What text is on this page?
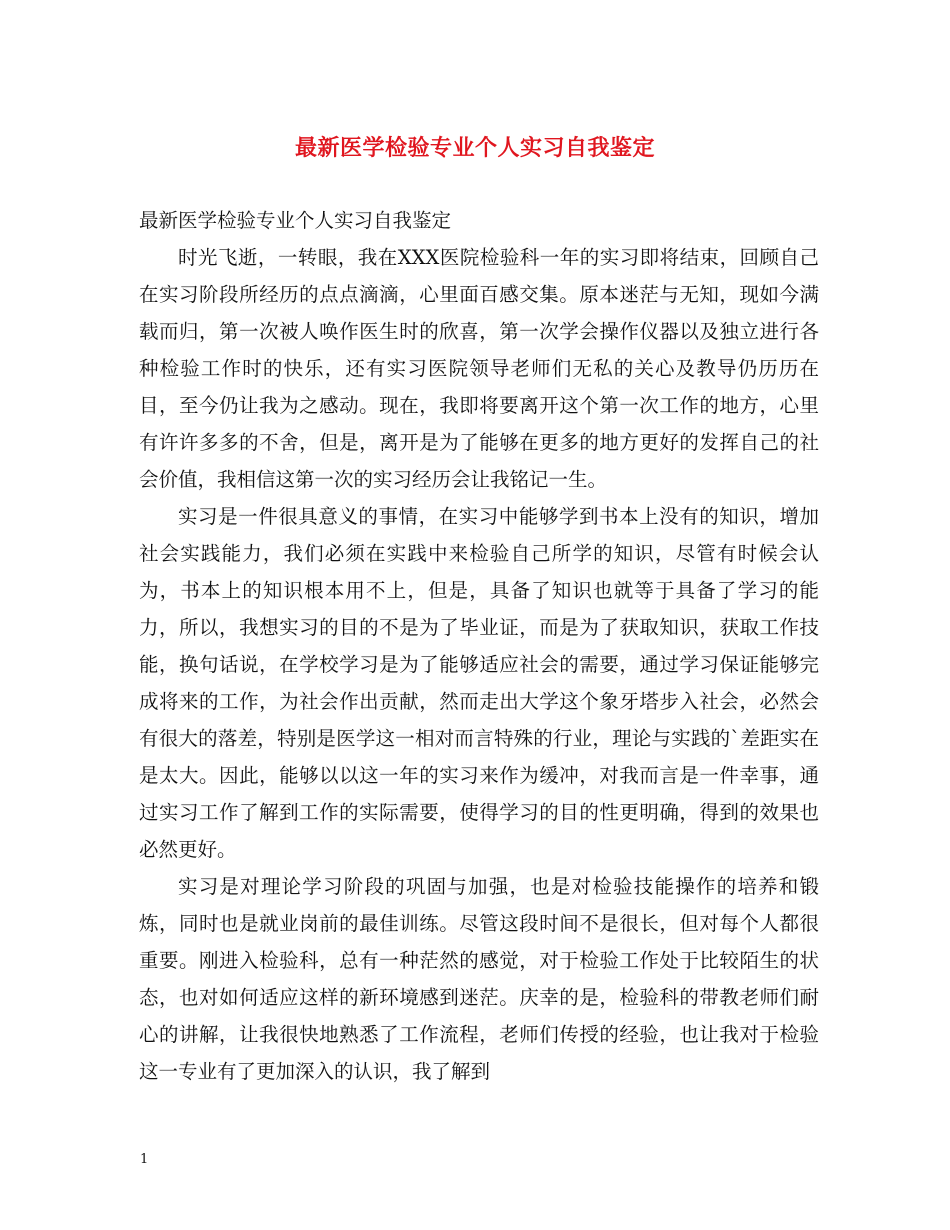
最新医学检验专业个人实习自我鉴定

最新医学检验专业个人实习自我鉴定

时光飞逝，一转眼，我在XXX医院检验科一年的实习即将结束，回顾自己在实习阶段所经历的点点滴滴，心里面百感交集。原本迷茫与无知，现如今满载而归，第一次被人唤作医生时的欣喜，第一次学会操作仪器以及独立进行各种检验工作时的快乐，还有实习医院领导老师们无私的关心及教导仍历历在目，至今仍让我为之感动。现在，我即将要离开这个第一次工作的地方，心里有许许多多的不舍，但是，离开是为了能够在更多的地方更好的发挥自己的社会价值，我相信这第一次的实习经历会让我铭记一生。

实习是一件很具意义的事情，在实习中能够学到书本上没有的知识，增加社会实践能力，我们必须在实践中来检验自己所学的知识，尽管有时候会认为，书本上的知识根本用不上，但是，具备了知识也就等于具备了学习的能力，所以，我想实习的目的不是为了毕业证，而是为了获取知识，获取工作技能，换句话说，在学校学习是为了能够适应社会的需要，通过学习保证能够完成将来的工作，为社会作出贡献，然而走出大学这个象牙塔步入社会，必然会有很大的落差，特别是医学这一相对而言特殊的行业，理论与实践的`差距实在是太大。因此，能够以以这一年的实习来作为缓冲，对我而言是一件幸事，通过实习工作了解到工作的实际需要，使得学习的目的性更明确，得到的效果也必然更好。

实习是对理论学习阶段的巩固与加强，也是对检验技能操作的培养和锻炼，同时也是就业岗前的最佳训练。尽管这段时间不是很长，但对每个人都很重要。刚进入检验科，总有一种茫然的感觉，对于检验工作处于比较陌生的状态，也对如何适应这样的新环境感到迷茫。庆幸的是，检验科的带教老师们耐心的讲解，让我很快地熟悉了工作流程，老师们传授的经验，也让我对于检验这一专业有了更加深入的认识，我了解到

1
